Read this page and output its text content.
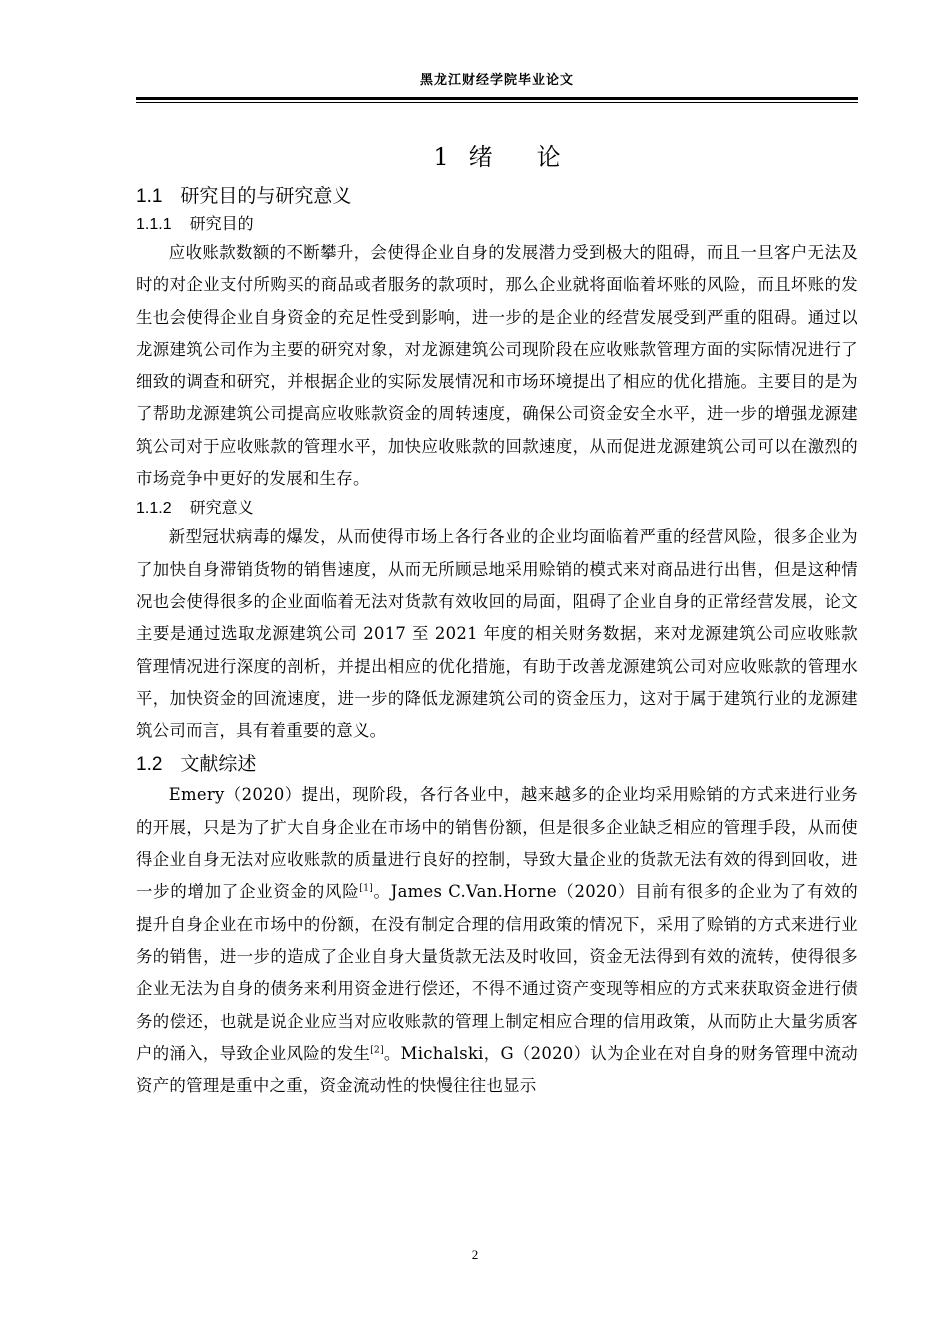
黑龙江财经学院毕业论文
1 绪 论
1.1 研究目的与研究意义
1.1.1 研究目的

应收账款数额的不断攀升，会使得企业自身的发展潜力受到极大的阻碍，而且一旦客户无法及时的对企业支付所购买的商品或者服务的款项时，那么企业就将面临着坏账的风险，而且坏账的发生也会使得企业自身资金的充足性受到影响，进一步的是企业的经营发展受到严重的阻碍。通过以龙源建筑公司作为主要的研究对象，对龙源建筑公司现阶段在应收账款管理方面的实际情况进行了细致的调查和研究，并根据企业的实际发展情况和市场环境提出了相应的优化措施。主要目的是为了帮助龙源建筑公司提高应收账款资金的周转速度，确保公司资金安全水平，进一步的增强龙源建筑公司对于应收账款的管理水平，加快应收账款的回款速度，从而促进龙源建筑公司可以在激烈的市场竞争中更好的发展和生存。

1.1.2 研究意义

新型冠状病毒的爆发，从而使得市场上各行各业的企业均面临着严重的经营风险，很多企业为了加快自身滞销货物的销售速度，从而无所顾忌地采用赊销的模式来对商品进行出售，但是这种情况也会使得很多的企业面临着无法对货款有效收回的局面，阻碍了企业自身的正常经营发展，论文主要是通过选取龙源建筑公司 2017 至 2021 年度的相关财务数据，来对龙源建筑公司应收账款管理情况进行深度的剖析，并提出相应的优化措施，有助于改善龙源建筑公司对应收账款的管理水平，加快资金的回流速度，进一步的降低龙源建筑公司的资金压力，这对于属于建筑行业的龙源建筑公司而言，具有着重要的意义。

1.2 文献综述

Emery（2020）提出，现阶段，各行各业中，越来越多的企业均采用赊销的方式来进行业务的开展，只是为了扩大自身企业在市场中的销售份额，但是很多企业缺乏相应的管理手段，从而使得企业自身无法对应收账款的质量进行良好的控制，导致大量企业的货款无法有效的得到回收，进一步的增加了企业资金的风险[1]。James C.Van.Horne（2020）目前有很多的企业为了有效的提升自身企业在市场中的份额，在没有制定合理的信用政策的情况下，采用了赊销的方式来进行业务的销售，进一步的造成了企业自身大量货款无法及时收回，资金无法得到有效的流转，使得很多企业无法为自身的债务来利用资金进行偿还，不得不通过资产变现等相应的方式来获取资金进行债务的偿还，也就是说企业应当对应收账款的管理上制定相应合理的信用政策，从而防止大量劣质客户的涌入，导致企业风险的发生[2]。Michalski，G（2020）认为企业在对自身的财务管理中流动资产的管理是重中之重，资金流动性的快慢往往也显示

2
